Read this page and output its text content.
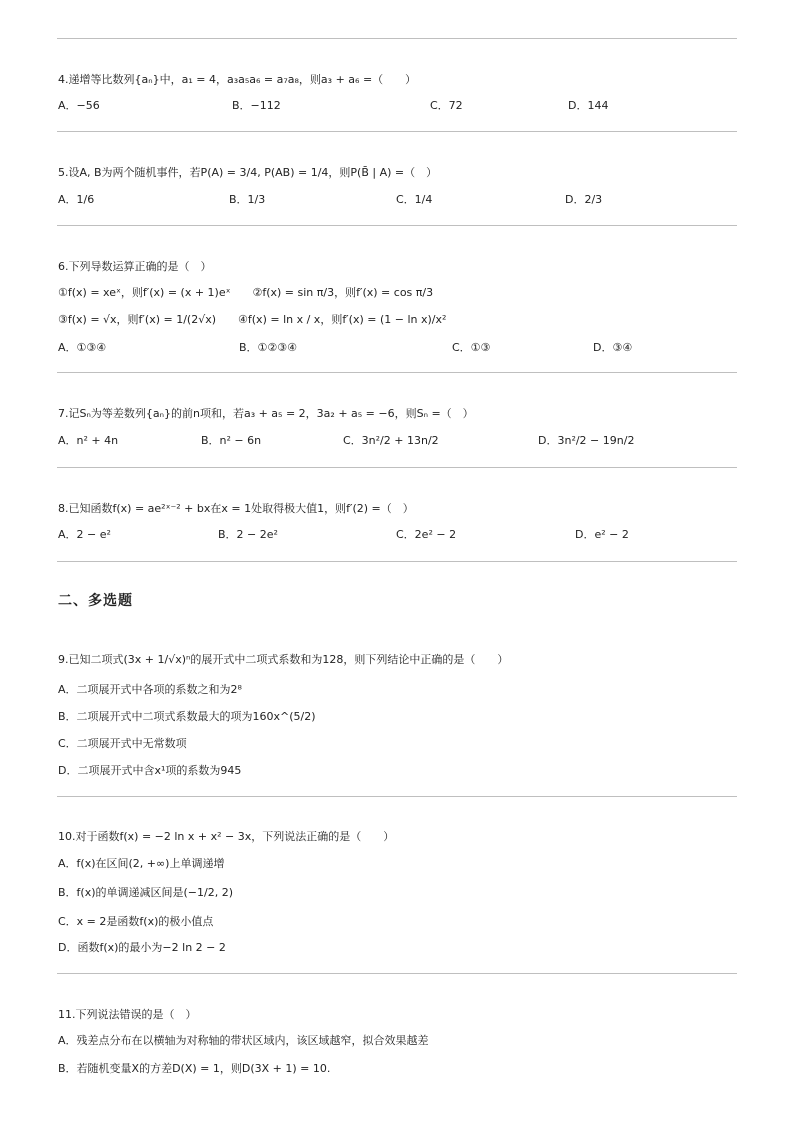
4.递增等比数列{aₙ}中，a₁ = 4，a₃a₅a₆ = a₇a₈，则a₃ + a₆ =（　　）
A．−56	B．−112	C．72	D．144
5.设A, B为两个随机事件，若P(A) = 3/4, P(AB) = 1/4，则P(B̄ | A) =（　）
A．1/6	B．1/3	C．1/4	D．2/3
6.下列导数运算正确的是（　）
①f(x) = xeˣ，则f′(x) = (x + 1)eˣ　　②f(x) = sin π/3，则f′(x) = cos π/3
③f(x) = √x，则f′(x) = 1/(2√x)　　④f(x) = ln x / x，则f′(x) = (1 − ln x)/x²
A．①③④	B．①②③④	C．①③	D．③④
7.记Sₙ为等差数列{aₙ}的前n项和，若a₃ + a₅ = 2，3a₂ + a₅ = −6，则Sₙ =（　）
A．n² + 4n	B．n² − 6n	C．3n²/2 + 13n/2	D．3n²/2 − 19n/2
8.已知函数f(x) = ae²ˣ⁻² + bx在x = 1处取得极大值1，则f′(2) =（　）
A．2 − e²	B．2 − 2e²	C．2e² − 2	D．e² − 2
二、多选题
9.已知二项式(3x + 1/√x)ⁿ的展开式中二项式系数和为128，则下列结论中正确的是（　　）
A．二项展开式中各项的系数之和为2⁸
B．二项展开式中二项式系数最大的项为160x^(5/2)
C．二项展开式中无常数项
D．二项展开式中含x¹项的系数为945
10.对于函数f(x) = −2 ln x + x² − 3x，下列说法正确的是（　　）
A．f(x)在区间(2, +∞)上单调递增
B．f(x)的单调递减区间是(−1/2, 2)
C．x = 2是函数f(x)的极小值点
D．函数f(x)的最小为−2 ln 2 − 2
11.下列说法错误的是（　）
A．残差点分布在以横轴为对称轴的带状区域内，该区域越窄，拟合效果越差
B．若随机变量X的方差D(X) = 1，则D(3X + 1) = 10.
